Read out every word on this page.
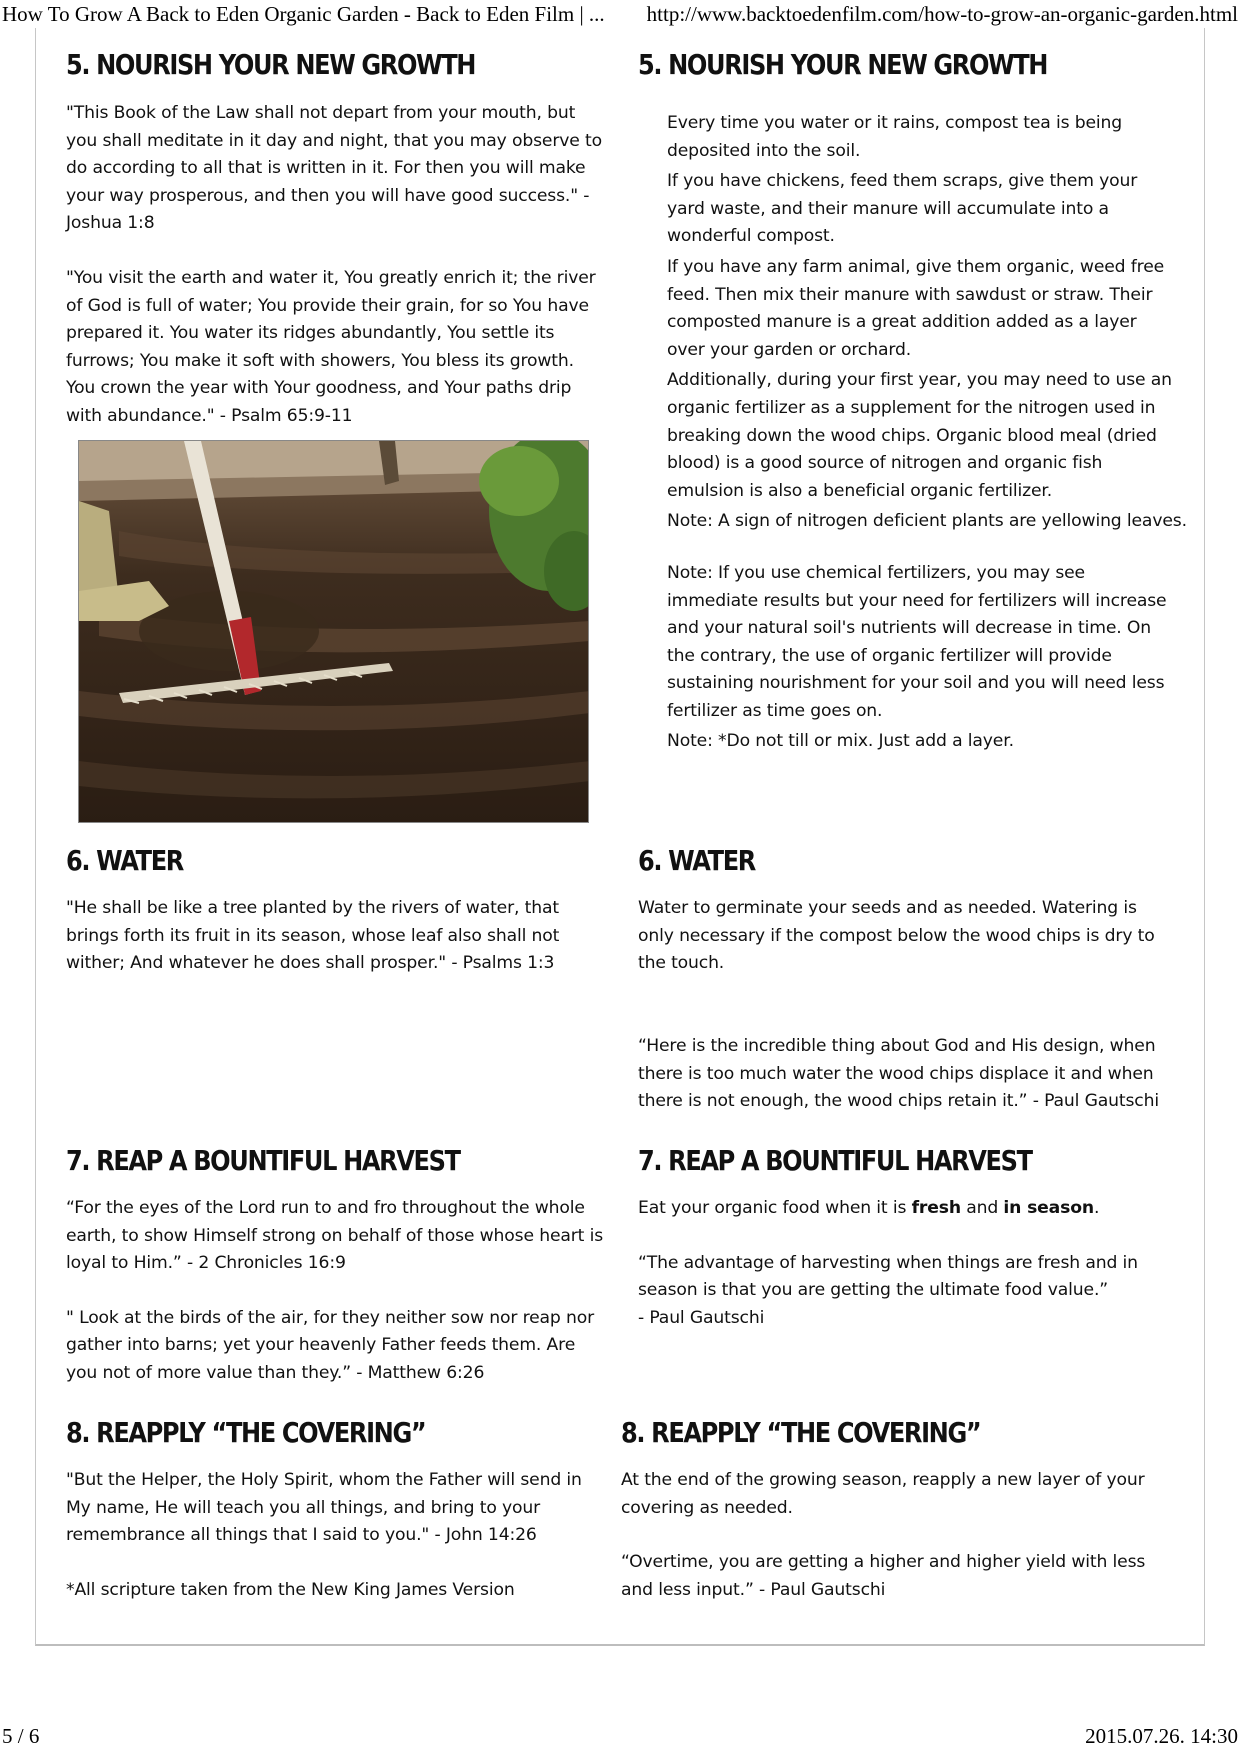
How To Grow A Back to Eden Organic Garden - Back to Eden Film | ... http://www.backtoedenfilm.com/how-to-grow-an-organic-garden.html
5. NOURISH YOUR NEW GROWTH	5. NOURISH YOUR NEW GROWTH

"This Book of the Law shall not depart from your mouth, but you shall meditate in it day and night, that you may observe to do according to all that is written in it. For then you will make your way prosperous, and then you will have good success." - Joshua 1:8

"You visit the earth and water it, You greatly enrich it; the river of God is full of water; You provide their grain, for so You have prepared it. You water its ridges abundantly, You settle its furrows; You make it soft with showers, You bless its growth. You crown the year with Your goodness, and Your paths drip with abundance." - Psalm 65:9-11

Every time you water or it rains, compost tea is being deposited into the soil.

If you have chickens, feed them scraps, give them your yard waste, and their manure will accumulate into a wonderful compost.

If you have any farm animal, give them organic, weed free feed. Then mix their manure with sawdust or straw. Their composted manure is a great addition added as a layer over your garden or orchard.

Additionally, during your first year, you may need to use an organic fertilizer as a supplement for the nitrogen used in breaking down the wood chips. Organic blood meal (dried blood) is a good source of nitrogen and organic fish emulsion is also a beneficial organic fertilizer.

Note: A sign of nitrogen deficient plants are yellowing leaves.

Note: If you use chemical fertilizers, you may see immediate results but your need for fertilizers will increase and your natural soil's nutrients will decrease in time. On the contrary, the use of organic fertilizer will provide sustaining nourishment for your soil and you will need less fertilizer as time goes on.

Note: *Do not till or mix. Just add a layer.

6. WATER	6. WATER

"He shall be like a tree planted by the rivers of water, that brings forth its fruit in its season, whose leaf also shall not wither; And whatever he does shall prosper." - Psalms 1:3

Water to germinate your seeds and as needed. Watering is only necessary if the compost below the wood chips is dry to the touch.

“Here is the incredible thing about God and His design, when there is too much water the wood chips displace it and when there is not enough, the wood chips retain it.” - Paul Gautschi

7. REAP A BOUNTIFUL HARVEST	7. REAP A BOUNTIFUL HARVEST

“For the eyes of the Lord run to and fro throughout the whole earth, to show Himself strong on behalf of those whose heart is loyal to Him.” - 2 Chronicles 16:9

" Look at the birds of the air, for they neither sow nor reap nor gather into barns; yet your heavenly Father feeds them. Are you not of more value than they.” - Matthew 6:26

Eat your organic food when it is fresh and in season.

“The advantage of harvesting when things are fresh and in season is that you are getting the ultimate food value.”

- Paul Gautschi

8. REAPPLY “THE COVERING”	8. REAPPLY “THE COVERING”

"But the Helper, the Holy Spirit, whom the Father will send in My name, He will teach you all things, and bring to your remembrance all things that I said to you." - John 14:26

*All scripture taken from the New King James Version

At the end of the growing season, reapply a new layer of your covering as needed.

“Overtime, you are getting a higher and higher yield with less and less input.” - Paul Gautschi

5 / 6	2015.07.26. 14:30
